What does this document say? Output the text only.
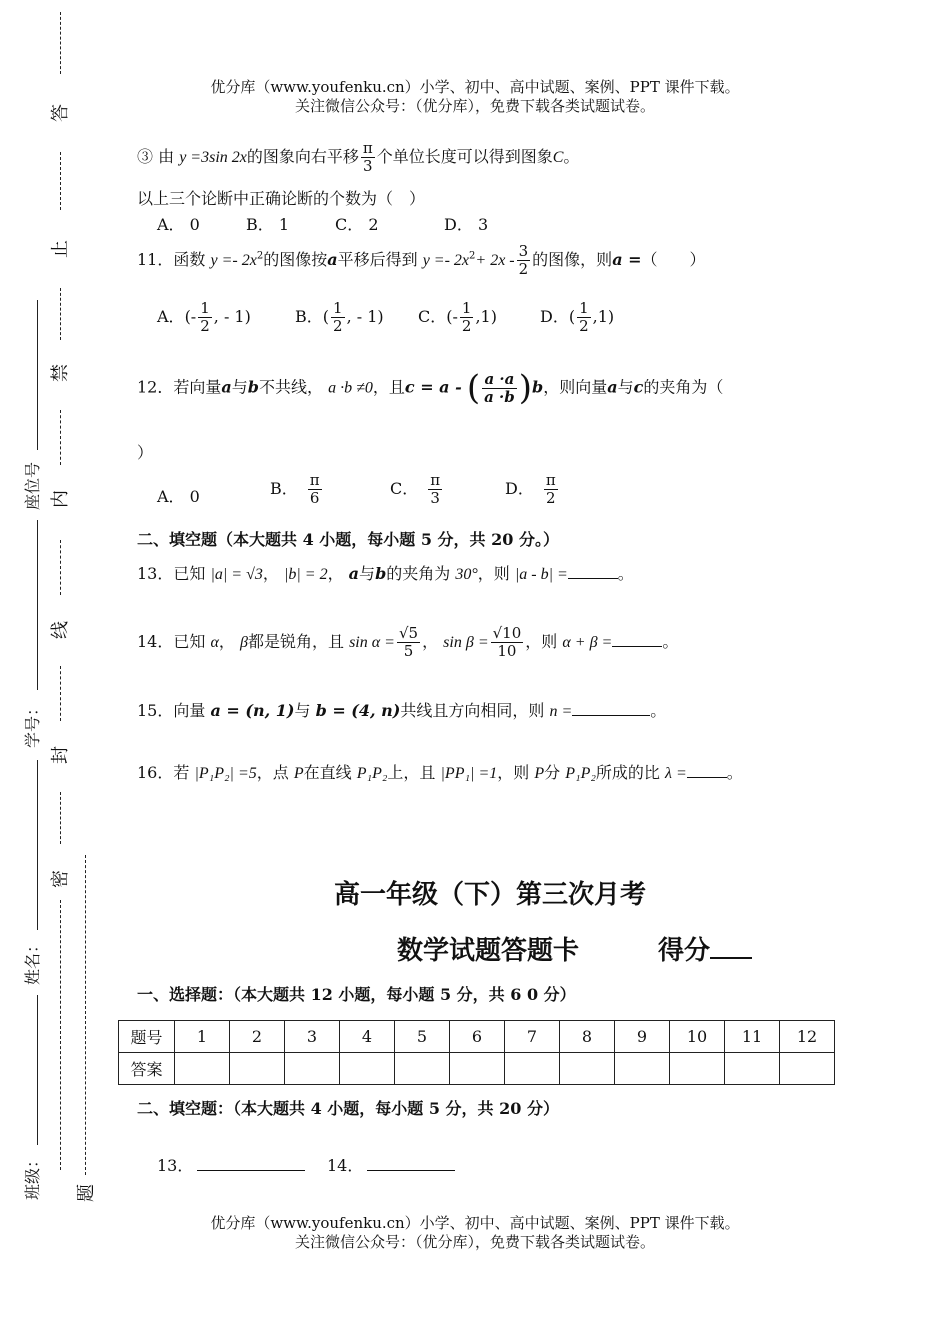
优分库（www.youfenku.cn）小学、初中、高中试题、案例、PPT 课件下载。
关注微信公众号：（优分库），免费下载各类试题试卷。
答
止
禁
内
线
封
密
题
座位号
学号：
姓名：
班级：
③ 由 y =3sin 2x的图象向右平移 $\frac{\pi}{3}$ 个单位长度可以得到图象C。
以上三个论断中正确论断的个数为（　）
A． 0	B． 1	C． 2	D． 3
11．函数 $y =- 2x^2$的图像按a平移后得到 $y =- 2x^2+ 2x - \frac{3}{2}$ 的图像，则a =（　　）
A．(- $\frac{1}{2}$ , - 1)	B．( $\frac{1}{2}$ , - 1) C．(- $\frac{1}{2} ,1$)	D．( $\frac{1}{2} ,1$)
12．若向量a与b不共线， a ·b ≠0，且c = a - ( $\frac{a \cdot a}{a \cdot b} )b$，则向量a与c的夹角为（
）
A． 0	B． $\frac{\pi}{6}$	C． $\frac{\pi}{3}$	D． $\frac{\pi}{2}$
二、填空题（本大题共 4 小题，每小题 5 分，共 20 分。）
13．已知 |a| = √3， |b| = 2， a与b的夹角为 30°，则 |a - b| =	。
14．已知 α， β都是锐角，且 $\sin \alpha = \frac{√5}{5}$ ， $\sin \beta = \frac{√10}{10}$ ，则 α + β =	。
15．向量 a = (n, 1)与 b = (4, n)共线且方向相同，则 n =	。
16．若 |P₁P₂| =5，点 P在直线 P₁P₂上，且 |PP₁| =1，则 P分 P₁P₂所成的比 λ =	。
高一年级（下）第三次月考
数学试题答题卡	得分
一、选择题：（本大题共 12 小题，每小题 5 分，共 6 0 分）
题号	1	2	3	4	5	6	7	8	9	10	11	12
答案												
二、填空题：（本大题共 4 小题，每小题 5 分，共 20 分）
13．	14．
优分库（www.youfenku.cn）小学、初中、高中试题、案例、PPT 课件下载。
关注微信公众号：（优分库），免费下载各类试题试卷。
